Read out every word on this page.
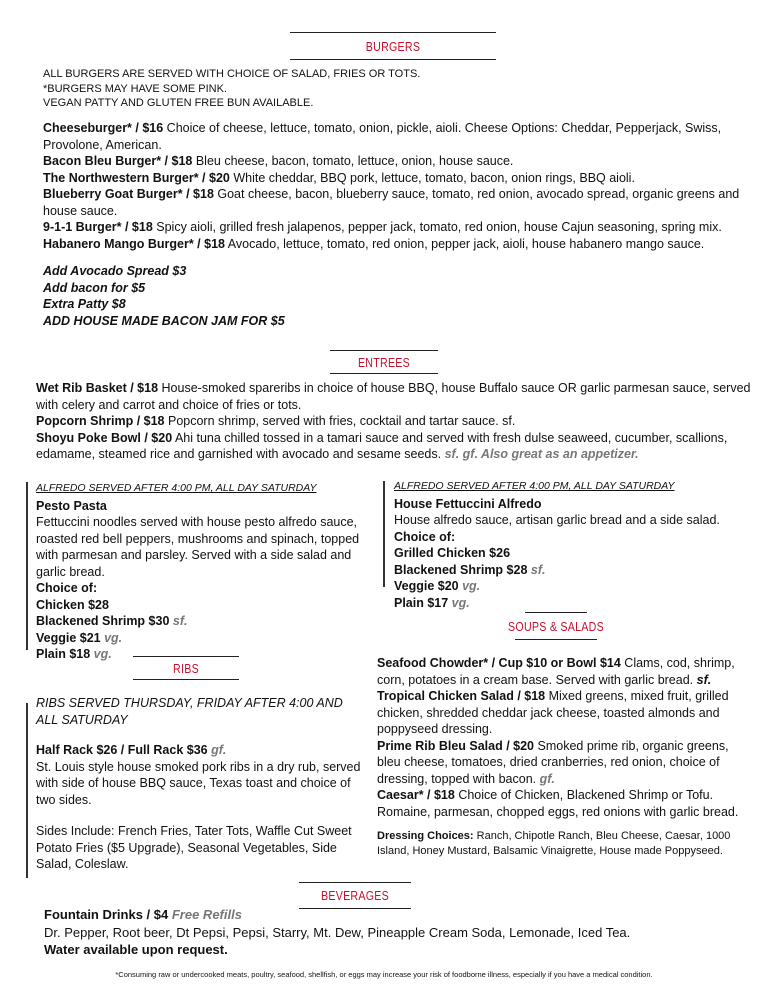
BURGERS
ALL BURGERS ARE SERVED WITH CHOICE OF SALAD, FRIES OR TOTS.
*BURGERS MAY HAVE SOME PINK.
VEGAN PATTY AND GLUTEN FREE BUN AVAILABLE.
Cheeseburger* / $16 Choice of cheese, lettuce, tomato, onion, pickle, aioli. Cheese Options: Cheddar, Pepperjack, Swiss, Provolone, American.
Bacon Bleu Burger* / $18 Bleu cheese, bacon, tomato, lettuce, onion, house sauce.
The Northwestern Burger* / $20 White cheddar, BBQ pork, lettuce, tomato, bacon, onion rings, BBQ aioli.
Blueberry Goat Burger* / $18 Goat cheese, bacon, blueberry sauce, tomato, red onion, avocado spread, organic greens and house sauce.
9-1-1 Burger* / $18 Spicy aioli, grilled fresh jalapenos, pepper jack, tomato, red onion, house Cajun seasoning, spring mix.
Habanero Mango Burger* / $18 Avocado, lettuce, tomato, red onion, pepper jack, aioli, house habanero mango sauce.
Add Avocado Spread $3
Add bacon for $5
Extra Patty $8
ADD HOUSE MADE BACON JAM FOR $5
ENTREES
Wet Rib Basket / $18 House-smoked spareribs in choice of house BBQ, house Buffalo sauce OR garlic parmesan sauce, served with celery and carrot and choice of fries or tots.
Popcorn Shrimp / $18 Popcorn shrimp, served with fries, cocktail and tartar sauce. sf.
Shoyu Poke Bowl / $20 Ahi tuna chilled tossed in a tamari sauce and served with fresh dulse seaweed, cucumber, scallions, edamame, steamed rice and garnished with avocado and sesame seeds. sf. gf. Also great as an appetizer.
ALFREDO SERVED AFTER 4:00 PM, ALL DAY SATURDAY
Pesto Pasta
Fettuccini noodles served with house pesto alfredo sauce, roasted red bell peppers, mushrooms and spinach, topped with parmesan and parsley. Served with a side salad and garlic bread.
Choice of:
Chicken $28
Blackened Shrimp $30 sf.
Veggie $21 vg.
Plain $18 vg.
ALFREDO SERVED AFTER 4:00 PM, ALL DAY SATURDAY
House Fettuccini Alfredo
House alfredo sauce, artisan garlic bread and a side salad.
Choice of:
Grilled Chicken $26
Blackened Shrimp $28 sf.
Veggie $20 vg.
Plain $17 vg.
SOUPS & SALADS
RIBS
RIBS SERVED THURSDAY, FRIDAY AFTER 4:00 AND ALL SATURDAY
Half Rack $26 / Full Rack $36 gf.
St. Louis style house smoked pork ribs in a dry rub, served with side of house BBQ sauce, Texas toast and choice of two sides.
Sides Include: French Fries, Tater Tots, Waffle Cut Sweet Potato Fries ($5 Upgrade), Seasonal Vegetables, Side Salad, Coleslaw.
Seafood Chowder* / Cup $10 or Bowl $14 Clams, cod, shrimp, corn, potatoes in a cream base. Served with garlic bread. sf.
Tropical Chicken Salad / $18 Mixed greens, mixed fruit, grilled chicken, shredded cheddar jack cheese, toasted almonds and poppyseed dressing.
Prime Rib Bleu Salad / $20 Smoked prime rib, organic greens, bleu cheese, tomatoes, dried cranberries, red onion, choice of dressing, topped with bacon. gf.
Caesar* / $18 Choice of Chicken, Blackened Shrimp or Tofu. Romaine, parmesan, chopped eggs, red onions with garlic bread.
Dressing Choices: Ranch, Chipotle Ranch, Bleu Cheese, Caesar, 1000 Island, Honey Mustard, Balsamic Vinaigrette, House made Poppyseed.
BEVERAGES
Fountain Drinks / $4 Free Refills
Dr. Pepper, Root beer, Dt Pepsi, Pepsi, Starry, Mt. Dew, Pineapple Cream Soda, Lemonade, Iced Tea.
Water available upon request.
*Consuming raw or undercooked meats, poultry, seafood, shellfish, or eggs may increase your risk of foodborne illness, especially if you have a medical condition.
